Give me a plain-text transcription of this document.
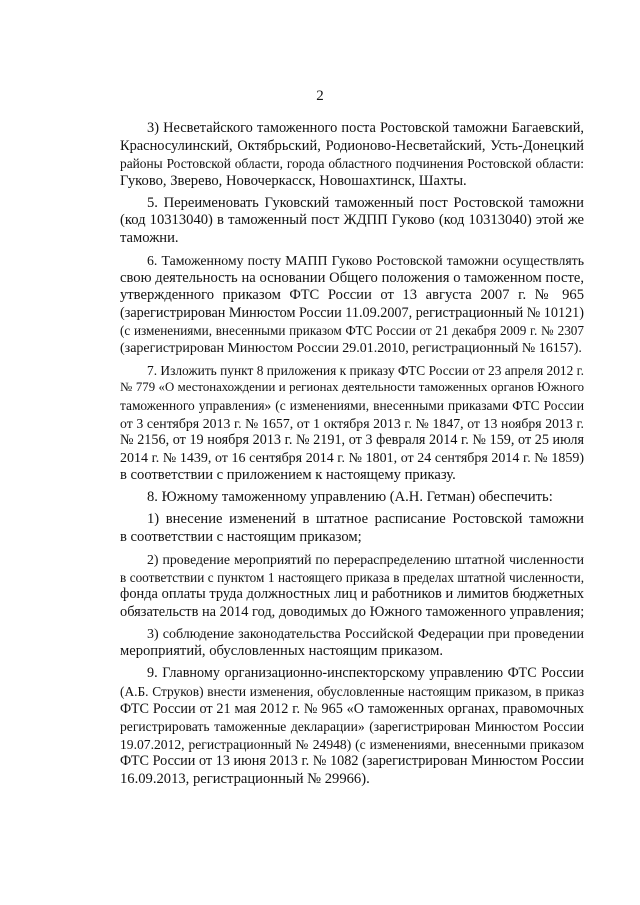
2
3) Несветайского таможенного поста Ростовской таможни Багаевский,
Красносулинский, Октябрьский, Родионово-Несветайский, Усть-Донецкий
районы Ростовской области, города областного подчинения Ростовской области:
Гуково, Зверево, Новочеркасск, Новошахтинск, Шахты.
5. Переименовать Гуковский таможенный пост Ростовской таможни
(код 10313040) в таможенный пост ЖДПП Гуково (код 10313040) этой же
таможни.
6. Таможенному посту МАПП Гуково Ростовской таможни осуществлять
свою деятельность на основании Общего положения о таможенном посте,
утвержденного приказом ФТС России от 13 августа 2007 г. № 965
(зарегистрирован Минюстом России 11.09.2007, регистрационный № 10121)
(с изменениями, внесенными приказом ФТС России от 21 декабря 2009 г. № 2307
(зарегистрирован Минюстом России 29.01.2010, регистрационный № 16157).
7. Изложить пункт 8 приложения к приказу ФТС России от 23 апреля 2012 г.
№ 779 «О местонахождении и регионах деятельности таможенных органов Южного
таможенного управления» (с изменениями, внесенными приказами ФТС России
от 3 сентября 2013 г. № 1657, от 1 октября 2013 г. № 1847, от 13 ноября 2013 г.
№ 2156, от 19 ноября 2013 г. № 2191, от 3 февраля 2014 г. № 159, от 25 июля
2014 г. № 1439, от 16 сентября 2014 г. № 1801, от 24 сентября 2014 г. № 1859)
в соответствии с приложением к настоящему приказу.
8. Южному таможенному управлению (А.Н. Гетман) обеспечить:
1) внесение изменений в штатное расписание Ростовской таможни
в соответствии с настоящим приказом;
2) проведение мероприятий по перераспределению штатной численности
в соответствии с пунктом 1 настоящего приказа в пределах штатной численности,
фонда оплаты труда должностных лиц и работников и лимитов бюджетных
обязательств на 2014 год, доводимых до Южного таможенного управления;
3) соблюдение законодательства Российской Федерации при проведении
мероприятий, обусловленных настоящим приказом.
9. Главному организационно-инспекторскому управлению ФТС России
(А.Б. Струков) внести изменения, обусловленные настоящим приказом, в приказ
ФТС России от 21 мая 2012 г. № 965 «О таможенных органах, правомочных
регистрировать таможенные декларации» (зарегистрирован Минюстом России
19.07.2012, регистрационный № 24948) (с изменениями, внесенными приказом
ФТС России от 13 июня 2013 г. № 1082 (зарегистрирован Минюстом России
16.09.2013, регистрационный № 29966).
